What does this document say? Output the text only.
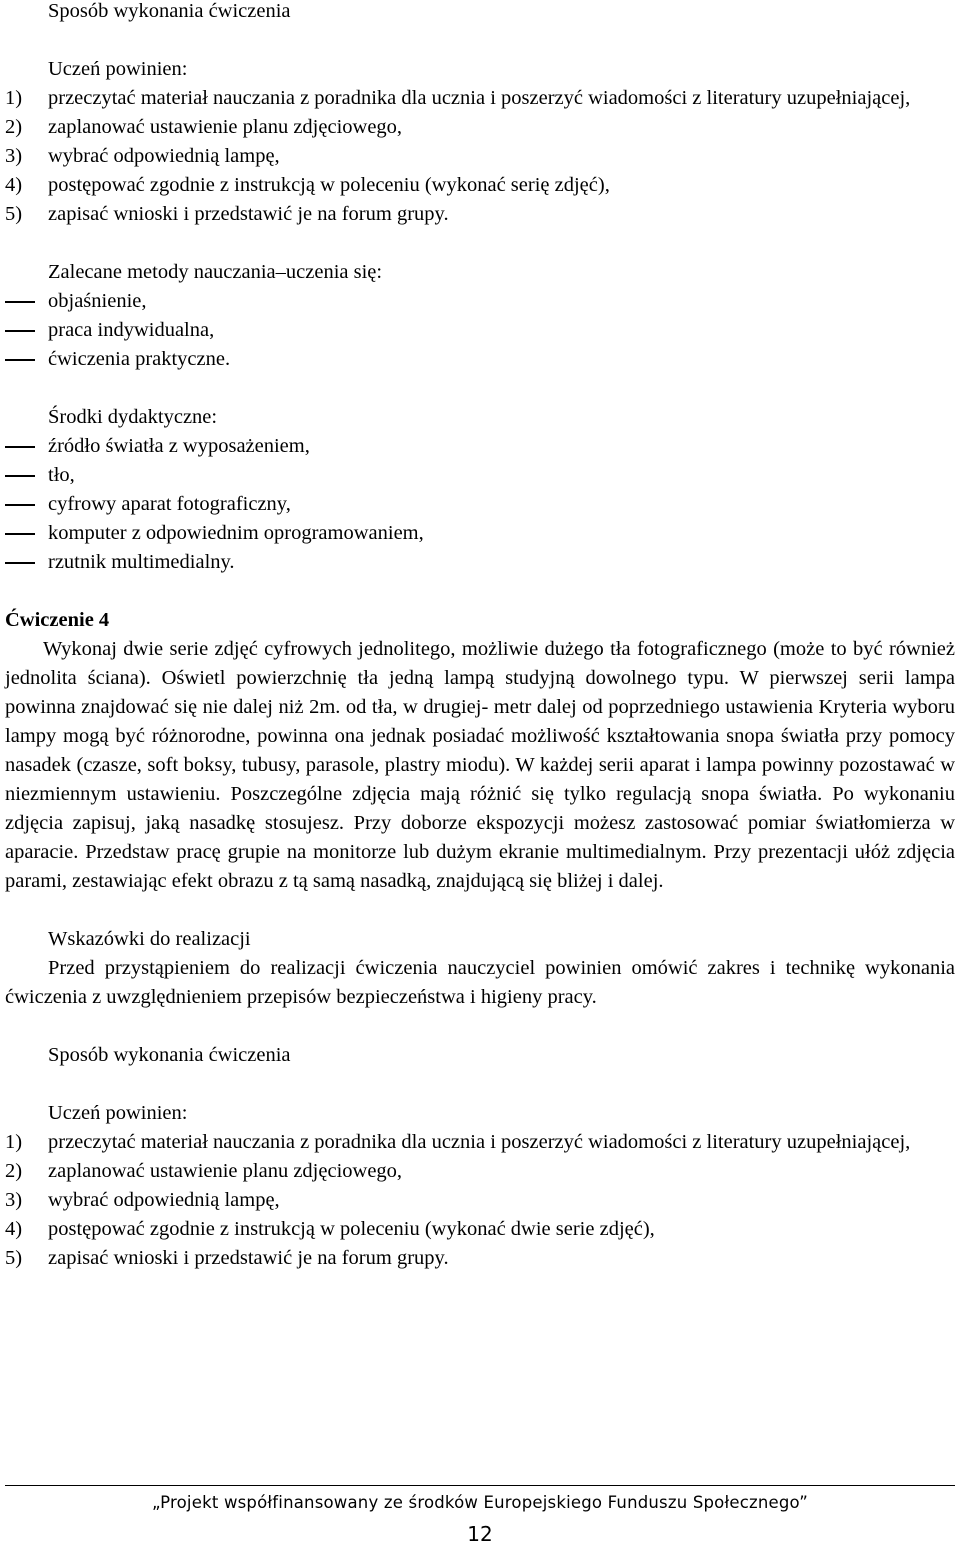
Sposób wykonania ćwiczenia

Uczeń powinien:

1) przeczytać materiał nauczania z poradnika dla ucznia i poszerzyć wiadomości z literatury uzupełniającej,
2) zaplanować ustawienie planu zdjęciowego,
3) wybrać odpowiednią lampę,
4) postępować zgodnie z instrukcją w poleceniu (wykonać serię zdjęć),
5) zapisać wnioski i przedstawić je na forum grupy.

Zalecane metody nauczania–uczenia się:

objaśnienie,
praca indywidualna,
ćwiczenia praktyczne.

Środki dydaktyczne:

źródło światła z wyposażeniem,
tło,
cyfrowy aparat fotograficzny,
komputer z odpowiednim oprogramowaniem,
rzutnik multimedialny.

Ćwiczenie 4

Wykonaj dwie serie zdjęć cyfrowych jednolitego, możliwie dużego tła fotograficznego (może to być również jednolita ściana). Oświetl powierzchnię tła jedną lampą studyjną dowolnego typu. W pierwszej serii lampa powinna znajdować się nie dalej niż 2m. od tła, w drugiej- metr dalej od poprzedniego ustawienia Kryteria wyboru lampy mogą być różnorodne, powinna ona jednak posiadać możliwość kształtowania snopa światła przy pomocy nasadek (czasze, soft boksy, tubusy, parasole, plastry miodu). W każdej serii aparat i lampa powinny pozostawać w niezmiennym ustawieniu. Poszczególne zdjęcia mają różnić się tylko regulacją snopa światła. Po wykonaniu zdjęcia zapisuj, jaką nasadkę stosujesz. Przy doborze ekspozycji możesz zastosować pomiar światłomierza w aparacie. Przedstaw pracę grupie na monitorze lub dużym ekranie multimedialnym. Przy prezentacji ułóż zdjęcia parami, zestawiając efekt obrazu z tą samą nasadką, znajdującą się bliżej i dalej.

Wskazówki do realizacji

Przed przystąpieniem do realizacji ćwiczenia nauczyciel powinien omówić zakres i technikę wykonania ćwiczenia z uwzględnieniem przepisów bezpieczeństwa i higieny pracy.

Sposób wykonania ćwiczenia

Uczeń powinien:

1) przeczytać materiał nauczania z poradnika dla ucznia i poszerzyć wiadomości z literatury uzupełniającej,
2) zaplanować ustawienie planu zdjęciowego,
3) wybrać odpowiednią lampę,
4) postępować zgodnie z instrukcją w poleceniu (wykonać dwie serie zdjęć),
5) zapisać wnioski i przedstawić je na forum grupy.
„Projekt współfinansowany ze środków Europejskiego Funduszu Społecznego”
12
